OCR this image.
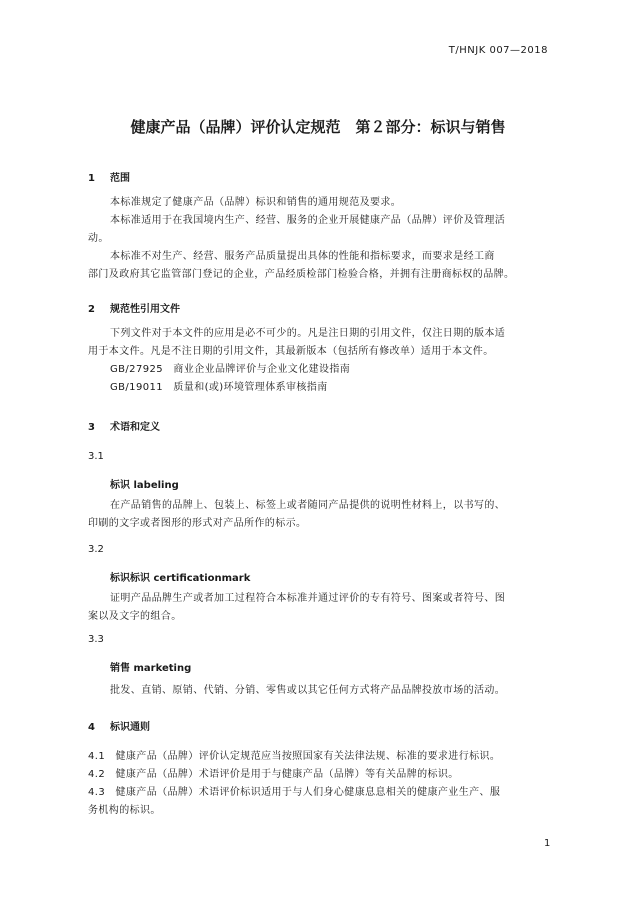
T/HNJK 007—2018
健康产品（品牌）评价认定规范　第２部分：标识与销售
1 范围
本标准规定了健康产品（品牌）标识和销售的通用规范及要求。
本标准适用于在我国境内生产、经营、服务的企业开展健康产品（品牌）评价及管理活
动。
本标准不对生产、经营、服务产品质量提出具体的性能和指标要求，而要求是经工商
部门及政府其它监管部门登记的企业，产品经质检部门检验合格，并拥有注册商标权的品牌。
2 规范性引用文件
下列文件对于本文件的应用是必不可少的。凡是注日期的引用文件，仅注日期的版本适
用于本文件。凡是不注日期的引用文件，其最新版本（包括所有修改单）适用于本文件。
GB/27925　商业企业品牌评价与企业文化建设指南
GB/19011　质量和(或)环境管理体系审核指南
3 术语和定义
3.1
标识 labeling
在产品销售的品牌上、包装上、标签上或者随同产品提供的说明性材料上，以书写的、
印刷的文字或者图形的形式对产品所作的标示。
3.2
标识标识 certificationmark
证明产品品牌生产或者加工过程符合本标准并通过评价的专有符号、图案或者符号、图
案以及文字的组合。
3.3
销售 marketing
批发、直销、原销、代销、分销、零售或以其它任何方式将产品品牌投放市场的活动。
4 标识通则
4.1　健康产品（品牌）评价认定规范应当按照国家有关法律法规、标准的要求进行标识。
4.2　健康产品（品牌）术语评价是用于与健康产品（品牌）等有关品牌的标识。
4.3　健康产品（品牌）术语评价标识适用于与人们身心健康息息相关的健康产业生产、服
务机构的标识。
1
